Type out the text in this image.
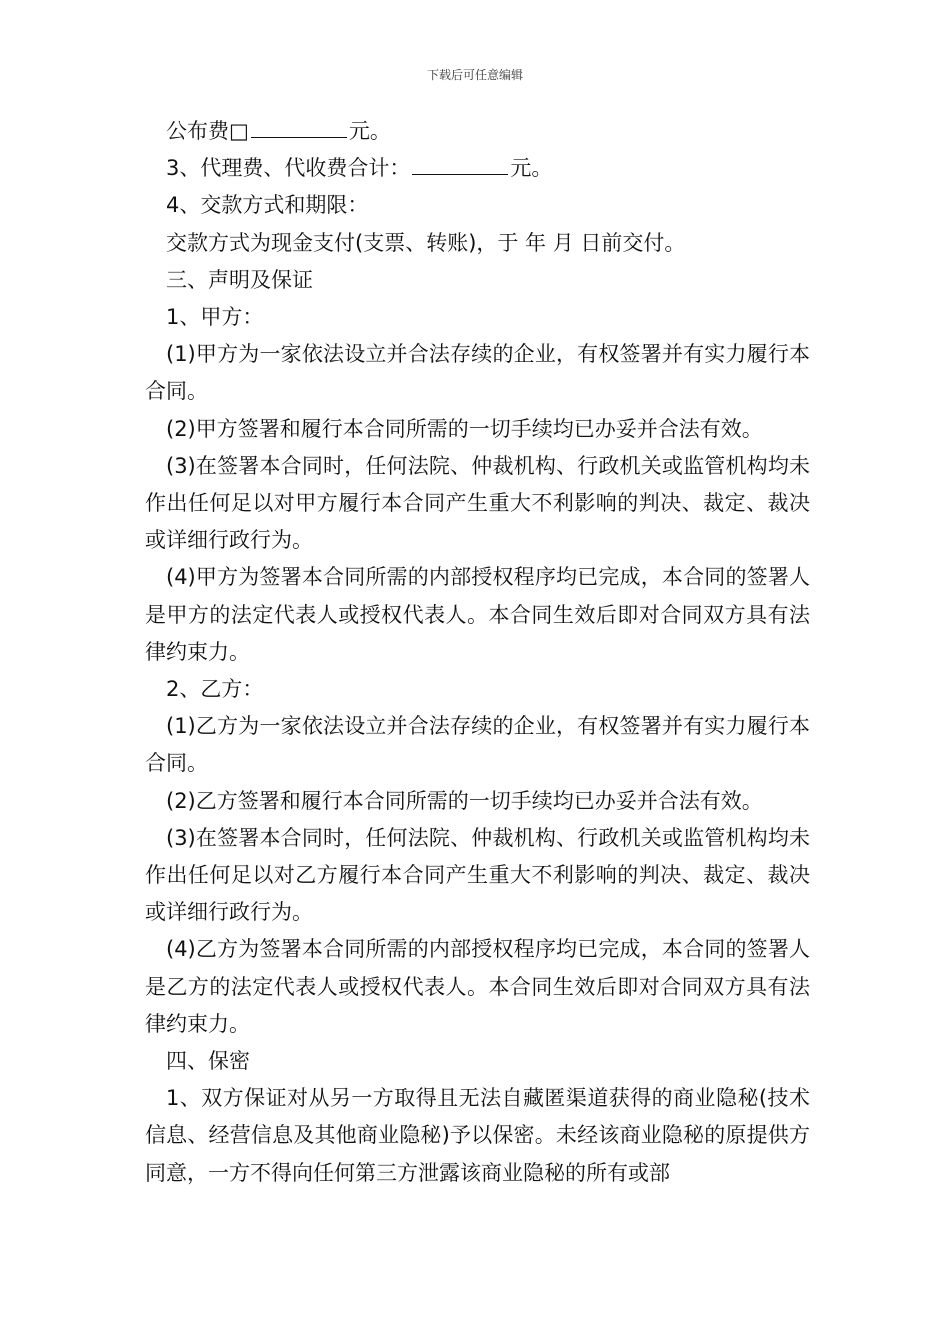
下载后可任意编辑

公布费□	元。

3、代理费、代收费合计：	元。

4、交款方式和期限：

交款方式为现金支付(支票、转账)，于 年 月 日前交付。

三、声明及保证

1、甲方：

(1)甲方为一家依法设立并合法存续的企业，有权签署并有实力履行本合同。

(2)甲方签署和履行本合同所需的一切手续均已办妥并合法有效。

(3)在签署本合同时，任何法院、仲裁机构、行政机关或监管机构均未作出任何足以对甲方履行本合同产生重大不利影响的判决、裁定、裁决或详细行政行为。

(4)甲方为签署本合同所需的内部授权程序均已完成，本合同的签署人是甲方的法定代表人或授权代表人。本合同生效后即对合同双方具有法律约束力。

2、乙方：

(1)乙方为一家依法设立并合法存续的企业，有权签署并有实力履行本合同。

(2)乙方签署和履行本合同所需的一切手续均已办妥并合法有效。

(3)在签署本合同时，任何法院、仲裁机构、行政机关或监管机构均未作出任何足以对乙方履行本合同产生重大不利影响的判决、裁定、裁决或详细行政行为。

(4)乙方为签署本合同所需的内部授权程序均已完成，本合同的签署人是乙方的法定代表人或授权代表人。本合同生效后即对合同双方具有法律约束力。

四、保密

1、双方保证对从另一方取得且无法自藏匿渠道获得的商业隐秘(技术信息、经营信息及其他商业隐秘)予以保密。未经该商业隐秘的原提供方同意，一方不得向任何第三方泄露该商业隐秘的所有或部
